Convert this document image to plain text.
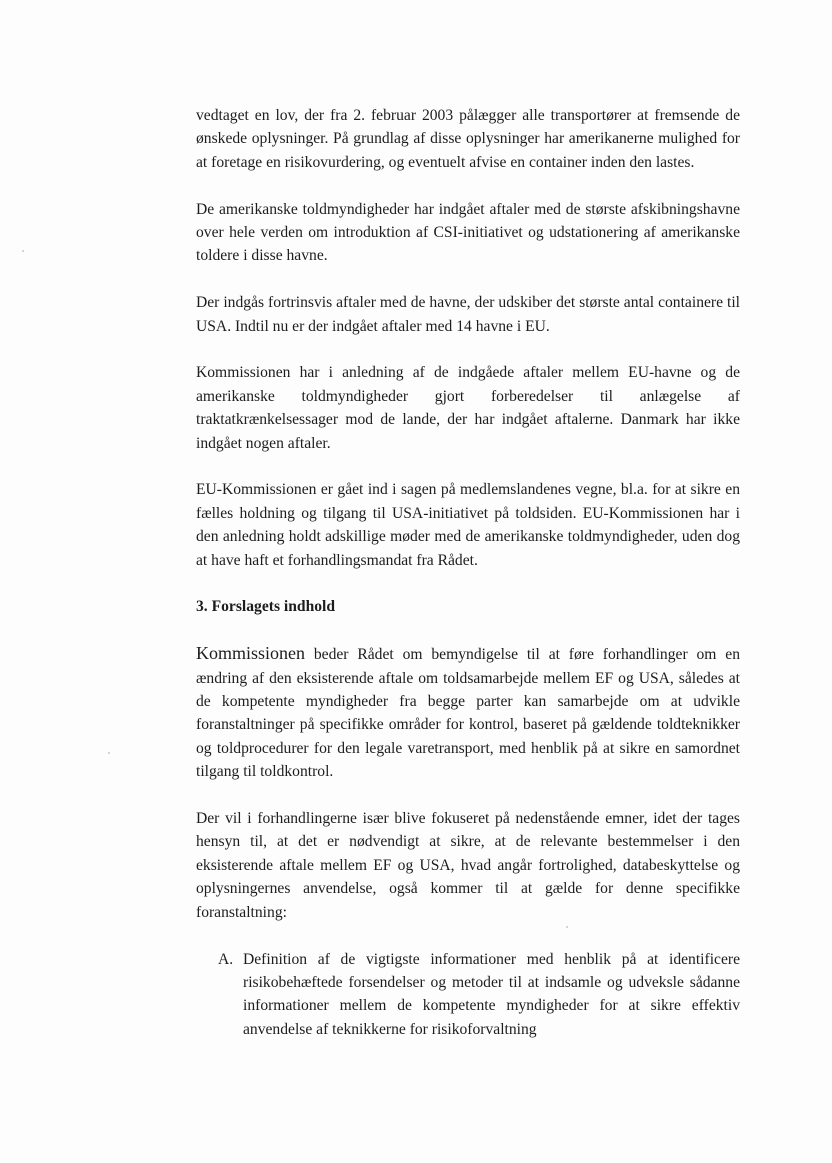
vedtaget en lov, der fra 2. februar 2003 pålægger alle transportører at fremsende de ønskede oplysninger. På grundlag af disse oplysninger har amerikanerne mulighed for at foretage en risikovurdering, og eventuelt afvise en container inden den lastes.

De amerikanske toldmyndigheder har indgået aftaler med de største afskibningshavne over hele verden om introduktion af CSI-initiativet og udstationering af amerikanske toldere i disse havne.

Der indgås fortrinsvis aftaler med de havne, der udskiber det største antal containere til USA. Indtil nu er der indgået aftaler med 14 havne i EU.

Kommissionen har i anledning af de indgåede aftaler mellem EU-havne og de amerikanske toldmyndigheder gjort forberedelser til anlægelse af traktatkrænkelsessager mod de lande, der har indgået aftalerne. Danmark har ikke indgået nogen aftaler.

EU-Kommissionen er gået ind i sagen på medlemslandenes vegne, bl.a. for at sikre en fælles holdning og tilgang til USA-initiativet på toldsiden. EU-Kommissionen har i den anledning holdt adskillige møder med de amerikanske toldmyndigheder, uden dog at have haft et forhandlingsmandat fra Rådet.

3. Forslagets indhold

Kommissionen beder Rådet om bemyndigelse til at føre forhandlinger om en ændring af den eksisterende aftale om toldsamarbejde mellem EF og USA, således at de kompetente myndigheder fra begge parter kan samarbejde om at udvikle foranstaltninger på specifikke områder for kontrol, baseret på gældende toldteknikker og toldprocedurer for den legale varetransport, med henblik på at sikre en samordnet tilgang til toldkontrol.

Der vil i forhandlingerne især blive fokuseret på nedenstående emner, idet der tages hensyn til, at det er nødvendigt at sikre, at de relevante bestemmelser i den eksisterende aftale mellem EF og USA, hvad angår fortrolighed, databeskyttelse og oplysningernes anvendelse, også kommer til at gælde for denne specifikke foranstaltning:

A. Definition af de vigtigste informationer med henblik på at identificere risikobehæftede forsendelser og metoder til at indsamle og udveksle sådanne informationer mellem de kompetente myndigheder for at sikre effektiv anvendelse af teknikkerne for risikoforvaltning
